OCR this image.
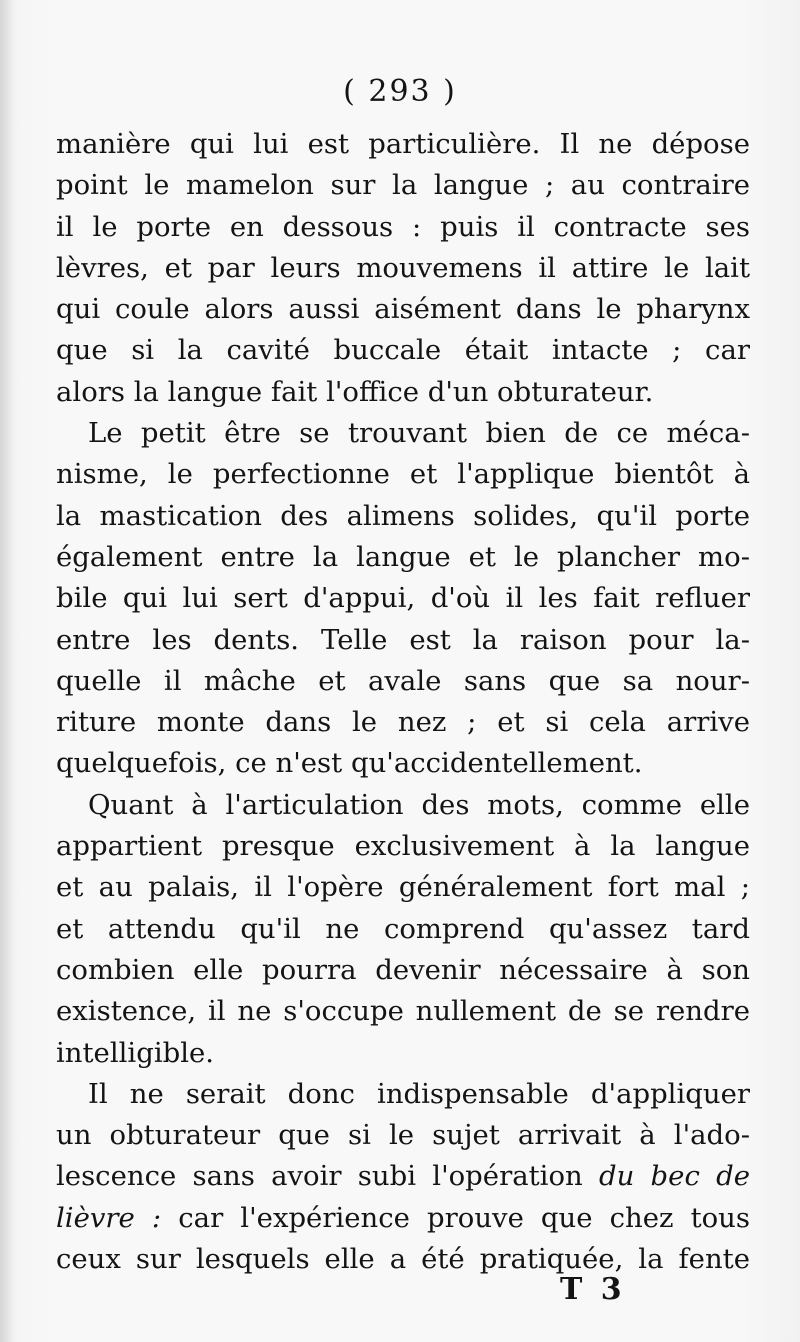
( 293 )
manière qui lui est particulière. Il ne dépose
point le mamelon sur la langue ; au contraire
il le porte en dessous : puis il contracte ses
lèvres, et par leurs mouvemens il attire le lait
qui coule alors aussi aisément dans le pharynx
que si la cavité buccale était intacte ; car
alors la langue fait l'office d'un obturateur.
Le petit être se trouvant bien de ce méca-
nisme, le perfectionne et l'applique bientôt à
la mastication des alimens solides, qu'il porte
également entre la langue et le plancher mo-
bile qui lui sert d'appui, d'où il les fait refluer
entre les dents. Telle est la raison pour la-
quelle il mâche et avale sans que sa nour-
riture monte dans le nez ; et si cela arrive
quelquefois, ce n'est qu'accidentellement.
Quant à l'articulation des mots, comme elle
appartient presque exclusivement à la langue
et au palais, il l'opère généralement fort mal ;
et attendu qu'il ne comprend qu'assez tard
combien elle pourra devenir nécessaire à son
existence, il ne s'occupe nullement de se rendre
intelligible.
Il ne serait donc indispensable d'appliquer
un obturateur que si le sujet arrivait à l'ado-
lescence sans avoir subi l'opération du bec de
lièvre : car l'expérience prouve que chez tous
ceux sur lesquels elle a été pratiquée, la fente
T 3
